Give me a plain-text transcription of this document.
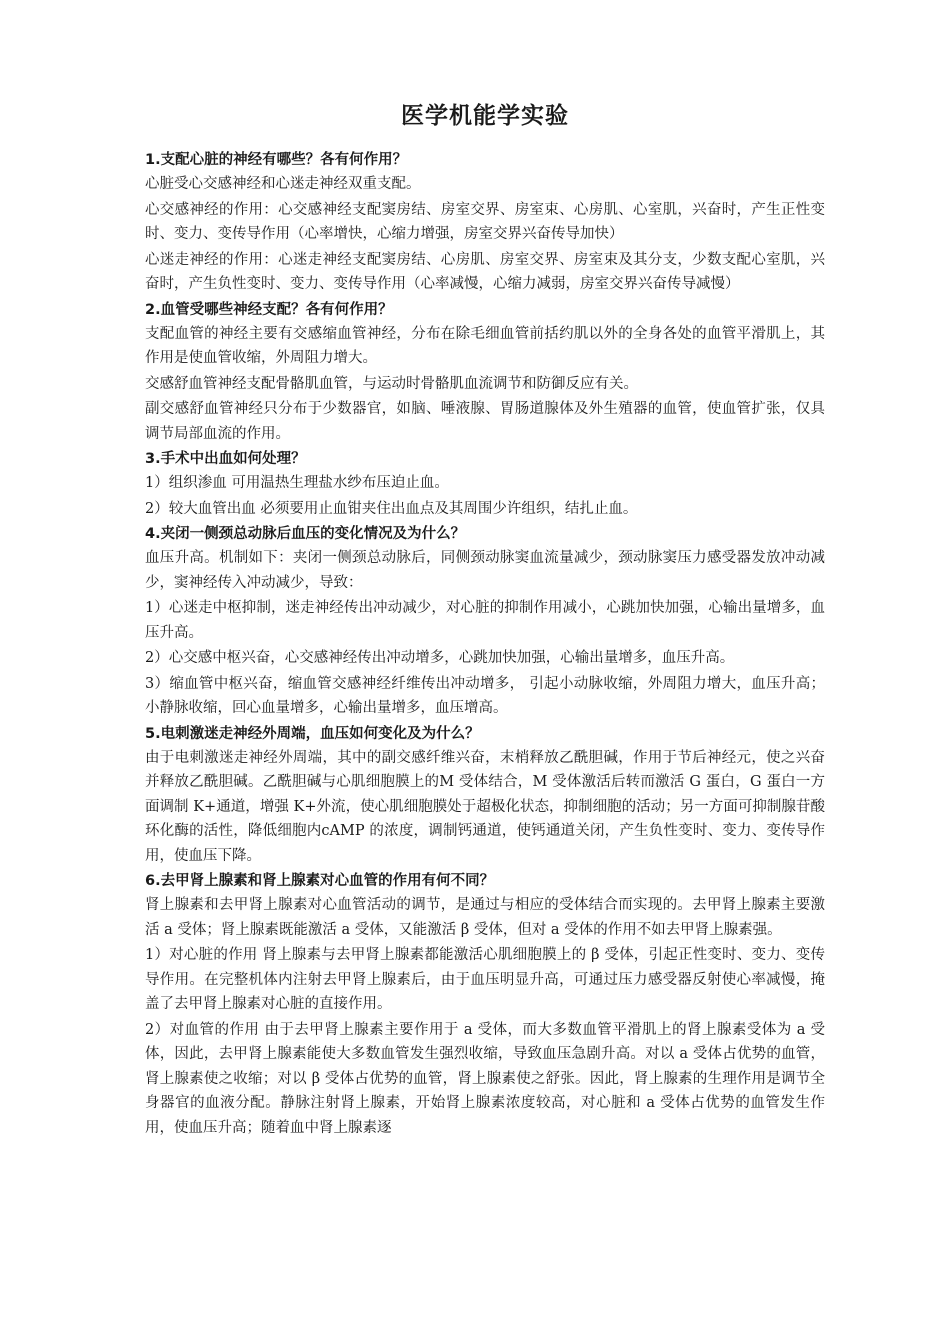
医学机能学实验
1.支配心脏的神经有哪些？各有何作用？

心脏受心交感神经和心迷走神经双重支配。

心交感神经的作用：心交感神经支配窦房结、房室交界、房室束、心房肌、心室肌，兴奋时，产生正性变时、变力、变传导作用（心率增快，心缩力增强，房室交界兴奋传导加快）

心迷走神经的作用：心迷走神经支配窦房结、心房肌、房室交界、房室束及其分支，少数支配心室肌，兴奋时，产生负性变时、变力、变传导作用（心率减慢，心缩力减弱，房室交界兴奋传导减慢）

2.血管受哪些神经支配？各有何作用？

支配血管的神经主要有交感缩血管神经，分布在除毛细血管前括约肌以外的全身各处的血管平滑肌上，其作用是使血管收缩，外周阻力增大。

交感舒血管神经支配骨骼肌血管，与运动时骨骼肌血流调节和防御反应有关。

副交感舒血管神经只分布于少数器官，如脑、唾液腺、胃肠道腺体及外生殖器的血管，使血管扩张，仅具调节局部血流的作用。

3.手术中出血如何处理？

1）组织渗血 可用温热生理盐水纱布压迫止血。

2）较大血管出血 必须要用止血钳夹住出血点及其周围少许组织，结扎止血。

4.夹闭一侧颈总动脉后血压的变化情况及为什么？

血压升高。机制如下：夹闭一侧颈总动脉后，同侧颈动脉窦血流量减少，颈动脉窦压力感受器发放冲动减少，窦神经传入冲动减少，导致：

1）心迷走中枢抑制，迷走神经传出冲动减少，对心脏的抑制作用减小，心跳加快加强，心输出量增多，血压升高。

2）心交感中枢兴奋，心交感神经传出冲动增多，心跳加快加强，心输出量增多，血压升高。

3）缩血管中枢兴奋，缩血管交感神经纤维传出冲动增多， 引起小动脉收缩，外周阻力增大，血压升高；小静脉收缩，回心血量增多，心输出量增多，血压增高。

5.电刺激迷走神经外周端，血压如何变化及为什么？

由于电刺激迷走神经外周端，其中的副交感纤维兴奋，末梢释放乙酰胆碱，作用于节后神经元，使之兴奋并释放乙酰胆碱。乙酰胆碱与心肌细胞膜上的M 受体结合，M 受体激活后转而激活 G 蛋白，G 蛋白一方面调制 K+通道，增强 K+外流，使心肌细胞膜处于超极化状态，抑制细胞的活动；另一方面可抑制腺苷酸环化酶的活性，降低细胞内cAMP 的浓度，调制钙通道，使钙通道关闭，产生负性变时、变力、变传导作用，使血压下降。

6.去甲肾上腺素和肾上腺素对心血管的作用有何不同？

肾上腺素和去甲肾上腺素对心血管活动的调节，是通过与相应的受体结合而实现的。去甲肾上腺素主要激活 a 受体；肾上腺素既能激活 a 受体，又能激活 β 受体，但对 a 受体的作用不如去甲肾上腺素强。

1）对心脏的作用 肾上腺素与去甲肾上腺素都能激活心肌细胞膜上的 β 受体，引起正性变时、变力、变传导作用。在完整机体内注射去甲肾上腺素后，由于血压明显升高，可通过压力感受器反射使心率减慢，掩盖了去甲肾上腺素对心脏的直接作用。

2）对血管的作用 由于去甲肾上腺素主要作用于 a 受体，而大多数血管平滑肌上的肾上腺素受体为 a 受体，因此，去甲肾上腺素能使大多数血管发生强烈收缩，导致血压急剧升高。对以 a 受体占优势的血管，肾上腺素使之收缩；对以 β 受体占优势的血管，肾上腺素使之舒张。因此，肾上腺素的生理作用是调节全身器官的血液分配。静脉注射肾上腺素，开始肾上腺素浓度较高，对心脏和 a 受体占优势的血管发生作用，使血压升高；随着血中肾上腺素逐
